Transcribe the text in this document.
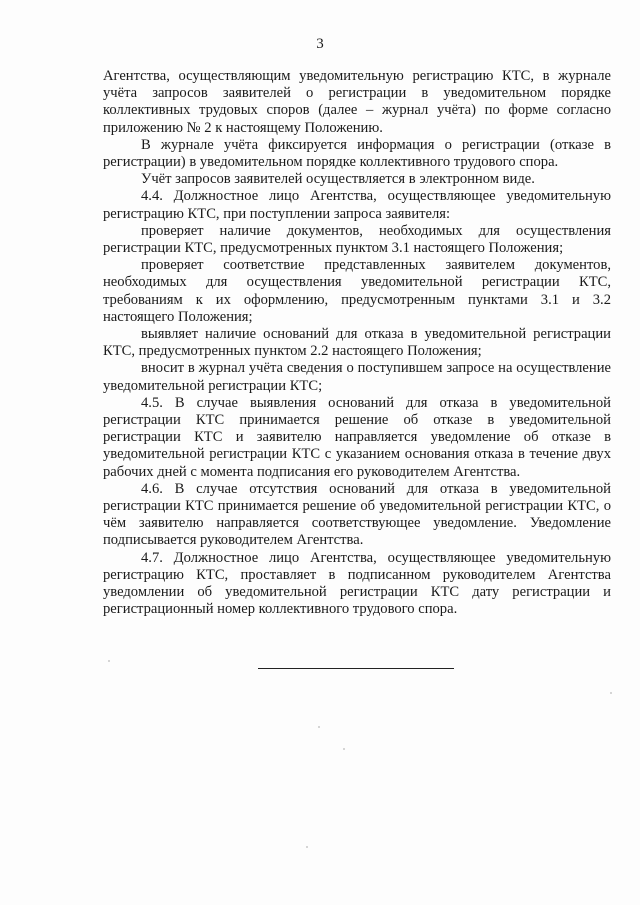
3

Агентства, осуществляющим уведомительную регистрацию КТС, в журнале учёта запросов заявителей о регистрации в уведомительном порядке коллективных трудовых споров (далее – журнал учёта) по форме согласно приложению № 2 к настоящему Положению.

В журнале учёта фиксируется информация о регистрации (отказе в регистрации) в уведомительном порядке коллективного трудового спора.

Учёт запросов заявителей осуществляется в электронном виде.

4.4. Должностное лицо Агентства, осуществляющее уведомительную регистрацию КТС, при поступлении запроса заявителя:

проверяет наличие документов, необходимых для осуществления регистрации КТС, предусмотренных пунктом 3.1 настоящего Положения;

проверяет соответствие представленных заявителем документов, необходимых для осуществления уведомительной регистрации КТС, требованиям к их оформлению, предусмотренным пунктами 3.1 и 3.2 настоящего Положения;

выявляет наличие оснований для отказа в уведомительной регистрации КТС, предусмотренных пунктом 2.2 настоящего Положения;

вносит в журнал учёта сведения о поступившем запросе на осуществление уведомительной регистрации КТС;

4.5. В случае выявления оснований для отказа в уведомительной регистрации КТС принимается решение об отказе в уведомительной регистрации КТС и заявителю направляется уведомление об отказе в уведомительной регистрации КТС с указанием основания отказа в течение двух рабочих дней с момента подписания его руководителем Агентства.

4.6. В случае отсутствия оснований для отказа в уведомительной регистрации КТС принимается решение об уведомительной регистрации КТС, о чём заявителю направляется соответствующее уведомление. Уведомление подписывается руководителем Агентства.

4.7. Должностное лицо Агентства, осуществляющее уведомительную регистрацию КТС, проставляет в подписанном руководителем Агентства уведомлении об уведомительной регистрации КТС дату регистрации и регистрационный номер коллективного трудового спора.
